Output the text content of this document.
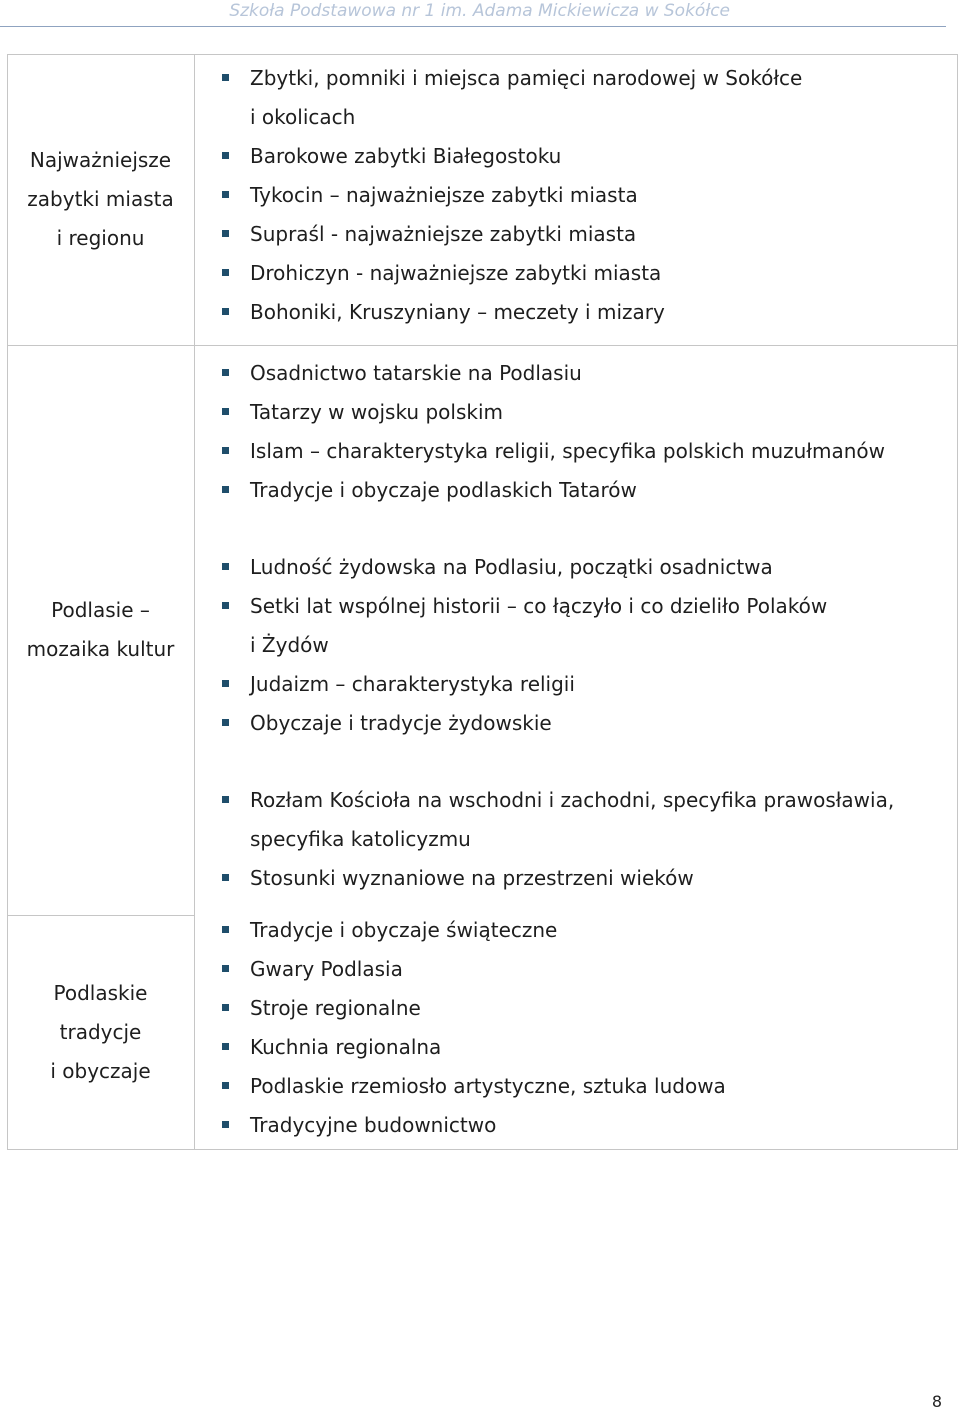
Szkoła Podstawowa nr 1 im. Adama Mickiewicza w Sokółce
Najważniejsze
zabytki miasta
i regionu
Zbytki, pomniki i miejsca pamięci narodowej w Sokółce
i okolicach
Barokowe zabytki Białegostoku
Tykocin – najważniejsze zabytki miasta
Supraśl - najważniejsze zabytki miasta
Drohiczyn - najważniejsze zabytki miasta
Bohoniki, Kruszyniany – meczety i mizary
Podlasie –
mozaika kultur
Osadnictwo tatarskie na Podlasiu
Tatarzy w wojsku polskim
Islam – charakterystyka religii, specyfika polskich muzułmanów
Tradycje i obyczaje podlaskich Tatarów
Ludność żydowska na Podlasiu, początki osadnictwa
Setki lat wspólnej historii – co łączyło i co dzieliło Polaków
i Żydów
Judaizm – charakterystyka religii
Obyczaje i tradycje żydowskie
Rozłam Kościoła na wschodni i zachodni, specyfika prawosławia,
specyfika katolicyzmu
Stosunki wyznaniowe na przestrzeni wieków
Podlaskie
tradycje
i obyczaje
Tradycje i obyczaje świąteczne
Gwary Podlasia
Stroje regionalne
Kuchnia regionalna
Podlaskie rzemiosło artystyczne, sztuka ludowa
Tradycyjne budownictwo
8
